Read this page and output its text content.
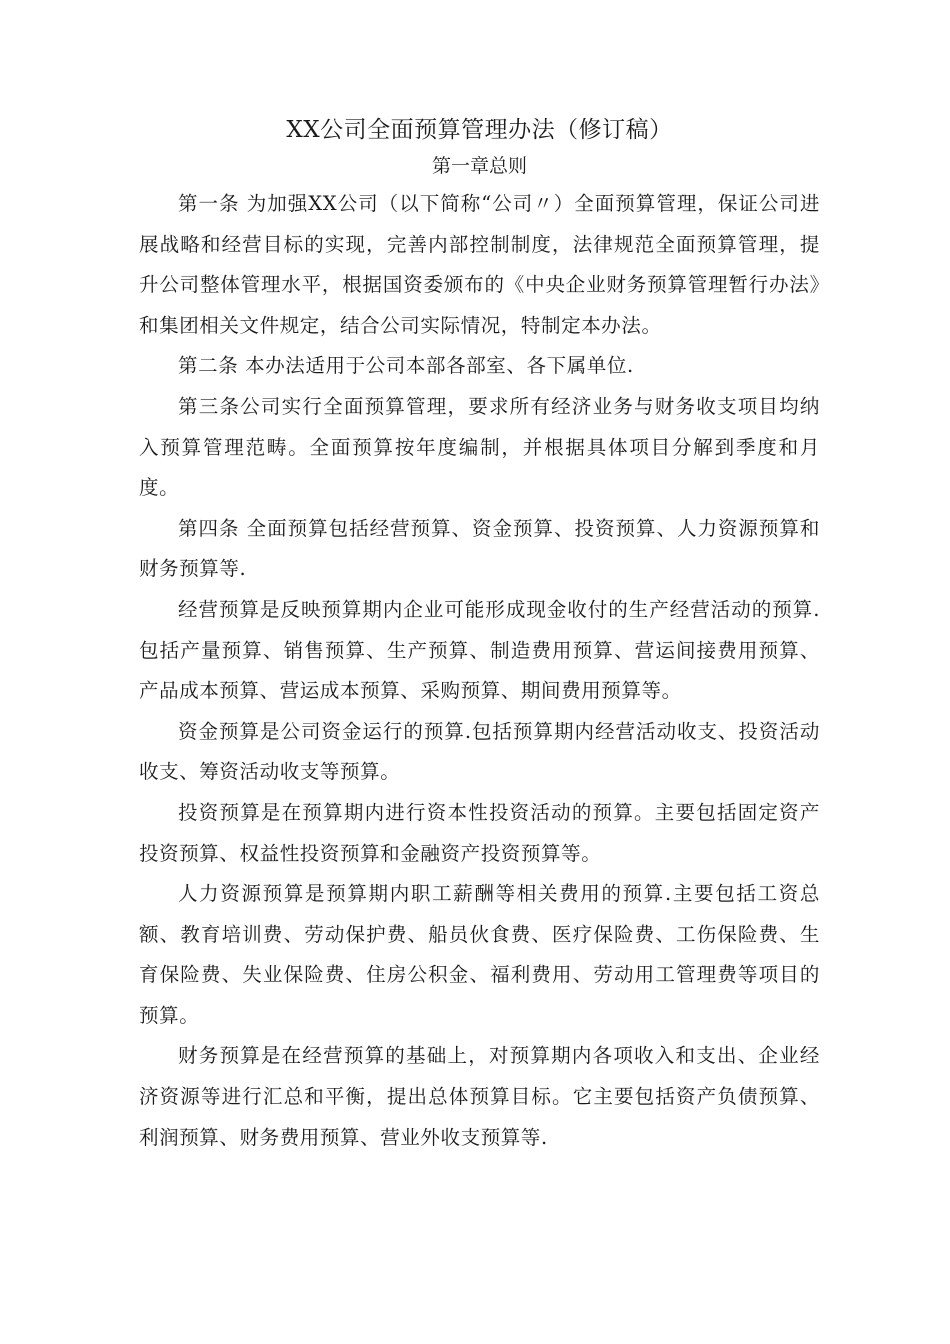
XX公司全面预算管理办法（修订稿）
第一章总则

第一条 为加强XX公司（以下简称“公司〃）全面预算管理，保证公司进展战略和经营目标的实现，完善内部控制制度，法律规范全面预算管理，提升公司整体管理水平，根据国资委颁布的《中央企业财务预算管理暂行办法》和集团相关文件规定，结合公司实际情况，特制定本办法。

第二条 本办法适用于公司本部各部室、各下属单位.

第三条公司实行全面预算管理，要求所有经济业务与财务收支项目均纳入预算管理范畴。全面预算按年度编制，并根据具体项目分解到季度和月度。

第四条 全面预算包括经营预算、资金预算、投资预算、人力资源预算和财务预算等.

经营预算是反映预算期内企业可能形成现金收付的生产经营活动的预算.包括产量预算、销售预算、生产预算、制造费用预算、营运间接费用预算、产品成本预算、营运成本预算、采购预算、期间费用预算等。

资金预算是公司资金运行的预算.包括预算期内经营活动收支、投资活动收支、筹资活动收支等预算。

投资预算是在预算期内进行资本性投资活动的预算。主要包括固定资产投资预算、权益性投资预算和金融资产投资预算等。

人力资源预算是预算期内职工薪酬等相关费用的预算.主要包括工资总额、教育培训费、劳动保护费、船员伙食费、医疗保险费、工伤保险费、生育保险费、失业保险费、住房公积金、福利费用、劳动用工管理费等项目的预算。

财务预算是在经营预算的基础上，对预算期内各项收入和支出、企业经济资源等进行汇总和平衡，提出总体预算目标。它主要包括资产负债预算、利润预算、财务费用预算、营业外收支预算等.
